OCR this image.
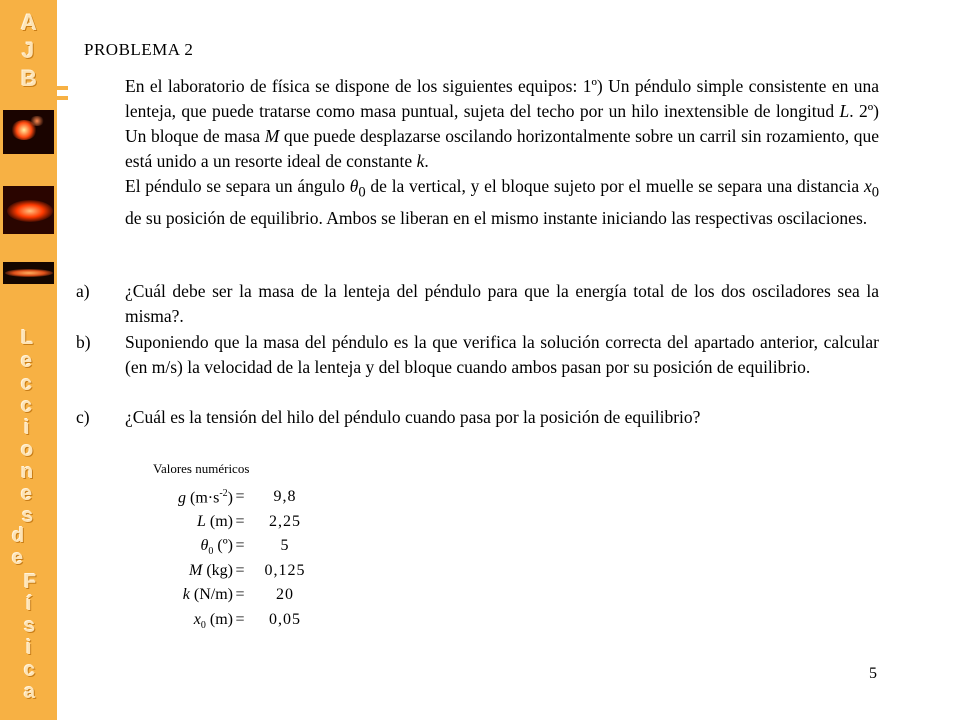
A
J
B
L
e
c
c
i
o
n
e
s
d
e
F
í
s
i
c
a
PROBLEMA 2

En el laboratorio de física se dispone de los siguientes equipos: 1º) Un péndulo simple consistente en una lenteja, que puede tratarse como masa puntual, sujeta del techo por un hilo inextensible de longitud L. 2º) Un bloque de masa M que puede desplazarse oscilando horizontalmente sobre un carril sin rozamiento, que está unido a un resorte ideal de constante k.

El péndulo se separa un ángulo $\theta_0$ de la vertical, y el bloque sujeto por el muelle se separa una distancia $x_0$ de su posición de equilibrio. Ambos se liberan en el mismo instante iniciando las respectivas oscilaciones.

a)	¿Cuál debe ser la masa de la lenteja del péndulo para que la energía total de los dos osciladores sea la misma?.
b)	Suponiendo que la masa del péndulo es la que verifica la solución correcta del apartado anterior, calcular (en m/s) la velocidad de la lenteja y del bloque cuando ambos pasan por su posición de equilibrio.
c)	¿Cuál es la tensión del hilo del péndulo cuando pasa por la posición de equilibrio?
Valores numéricos
g $(m\cdot s^{-2})$ =	9,8
L (m) =	2,25
$\theta_0$ (º) =	5
M (kg) =	0,125
k (N/m) =	20
$x_0$ (m) =	0,05
5
